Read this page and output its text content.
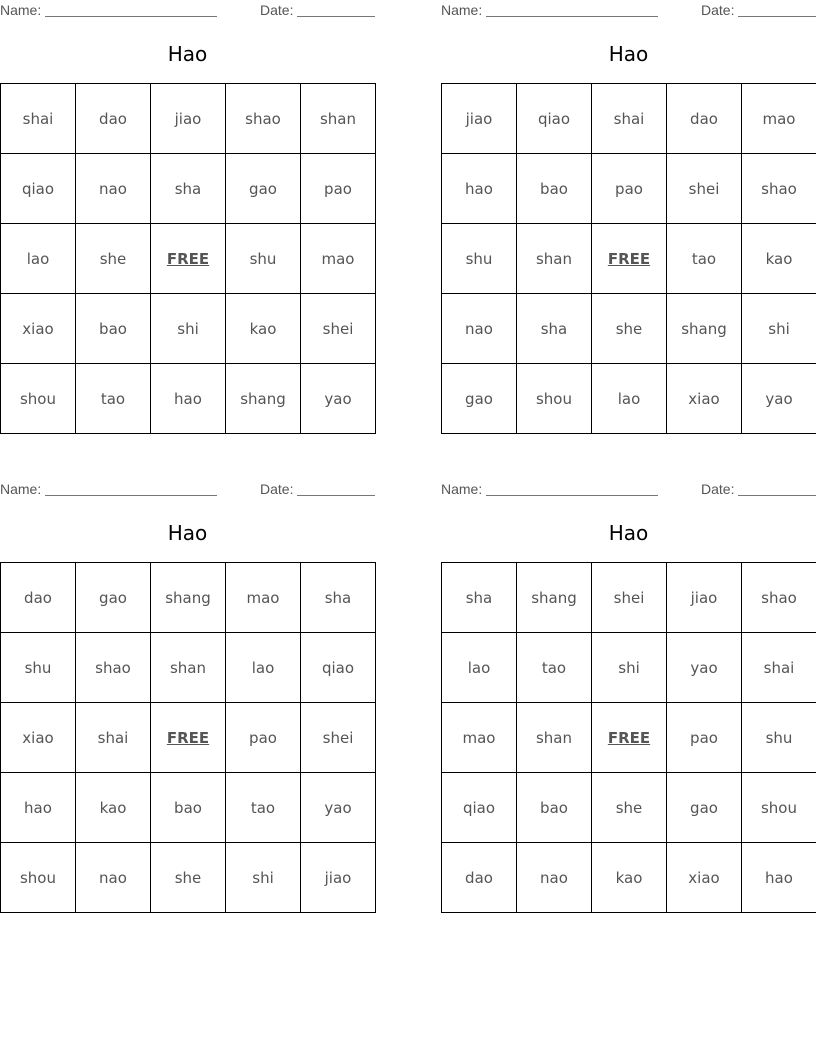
Name:	Date:
Hao
shai	dao	jiao	shao	shan
qiao	nao	sha	gao	pao
lao	she	FREE	shu	mao
xiao	bao	shi	kao	shei
shou	tao	hao	shang	yao
Name:	Date:
Hao
jiao	qiao	shai	dao	mao
hao	bao	pao	shei	shao
shu	shan	FREE	tao	kao
nao	sha	she	shang	shi
gao	shou	lao	xiao	yao
Name:	Date:
Hao
dao	gao	shang	mao	sha
shu	shao	shan	lao	qiao
xiao	shai	FREE	pao	shei
hao	kao	bao	tao	yao
shou	nao	she	shi	jiao
Name:	Date:
Hao
sha	shang	shei	jiao	shao
lao	tao	shi	yao	shai
mao	shan	FREE	pao	shu
qiao	bao	she	gao	shou
dao	nao	kao	xiao	hao
